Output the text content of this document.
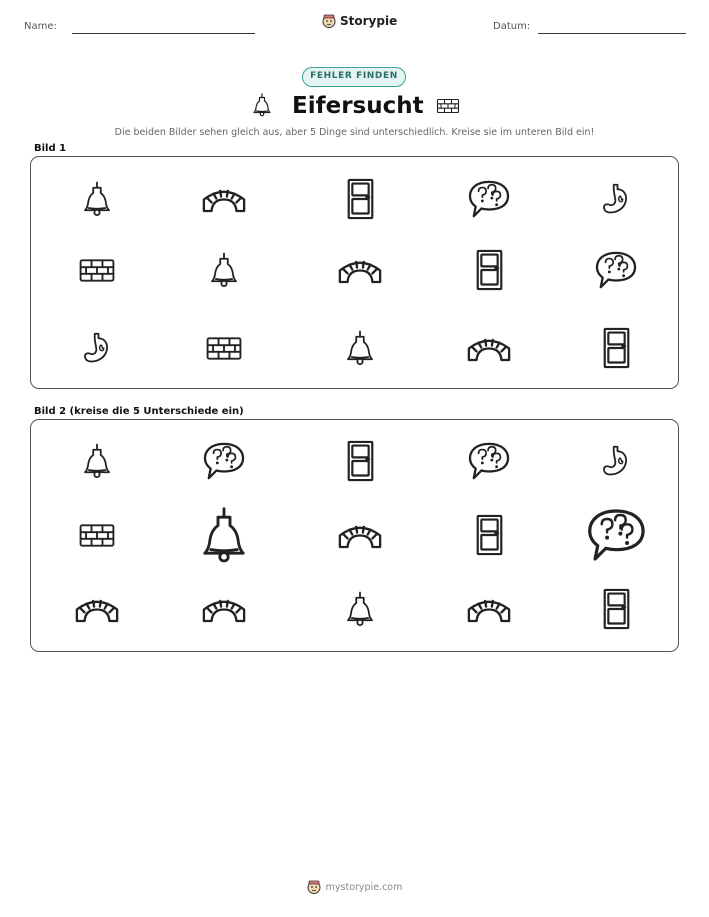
Name:	Storypie	Datum:
FEHLER FINDEN
Eifersucht
Die beiden Bilder sehen gleich aus, aber 5 Dinge sind unterschiedlich. Kreise sie im unteren Bild ein!
Bild 1
Bild 2 (kreise die 5 Unterschiede ein)
mystorypie.com
